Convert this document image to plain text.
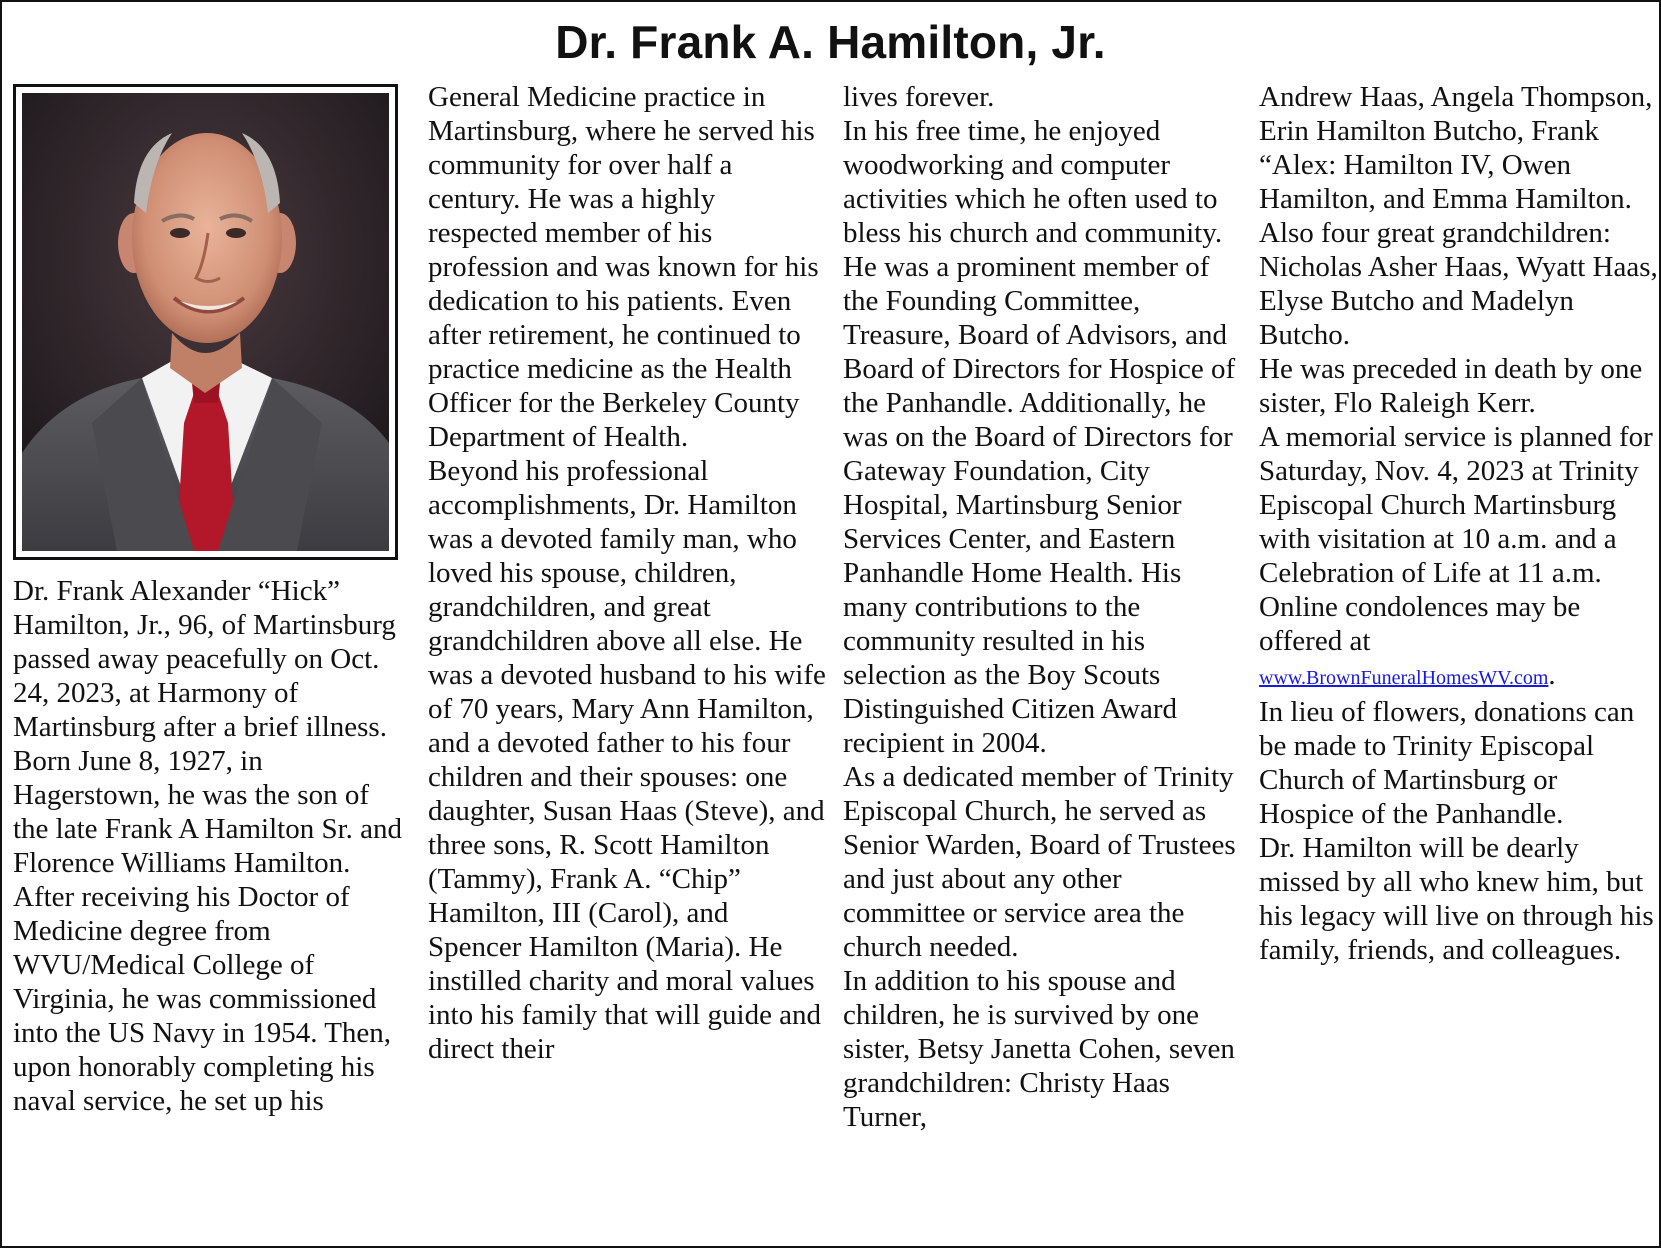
Dr. Frank A. Hamilton, Jr.

Dr. Frank Alexander “Hick” Hamilton, Jr., 96, of Martinsburg passed away peacefully on Oct. 24, 2023, at Harmony of Martinsburg after a brief illness.

Born June 8, 1927, in Hagerstown, he was the son of the late Frank A Hamilton Sr. and Florence Williams Hamilton.

After receiving his Doctor of Medicine degree from WVU/Medical College of Virginia, he was commissioned into the US Navy in 1954. Then, upon honorably completing his naval service, he set up his

General Medicine practice in Martinsburg, where he served his community for over half a century. He was a highly respected member of his profession and was known for his dedication to his patients. Even after retirement, he continued to practice medicine as the Health Officer for the Berkeley County Department of Health.

Beyond his professional accomplishments, Dr. Hamilton was a devoted family man, who loved his spouse, children, grandchildren, and great grandchildren above all else. He was a devoted husband to his wife of 70 years, Mary Ann Hamilton, and a devoted father to his four children and their spouses: one daughter, Susan Haas (Steve), and three sons, R. Scott Hamilton (Tammy), Frank A. “Chip” Hamilton, III (Carol), and Spencer Hamilton (Maria). He instilled charity and moral values into his family that will guide and direct their

lives forever.

In his free time, he enjoyed woodworking and computer activities which he often used to bless his church and community. He was a prominent member of the Founding Committee, Treasure, Board of Advisors, and Board of Directors for Hospice of the Panhandle. Additionally, he was on the Board of Directors for Gateway Foundation, City Hospital, Martinsburg Senior Services Center, and Eastern Panhandle Home Health. His many contributions to the community resulted in his selection as the Boy Scouts Distinguished Citizen Award recipient in 2004.

As a dedicated member of Trinity Episcopal Church, he served as Senior Warden, Board of Trustees and just about any other committee or service area the church needed.

In addition to his spouse and children, he is survived by one sister, Betsy Janetta Cohen, seven grandchildren: Christy Haas Turner,

Andrew Haas, Angela Thompson, Erin Hamilton Butcho, Frank “Alex: Hamilton IV, Owen Hamilton, and Emma Hamilton. Also four great grandchildren: Nicholas Asher Haas, Wyatt Haas, Elyse Butcho and Madelyn Butcho.

He was preceded in death by one sister, Flo Raleigh Kerr.

A memorial service is planned for Saturday, Nov. 4, 2023 at Trinity Episcopal Church Martinsburg with visitation at 10 a.m. and a Celebration of Life at 11 a.m.

Online condolences may be offered at
www.BrownFuneralHomesWV.com.

In lieu of flowers, donations can be made to Trinity Episcopal Church of Martinsburg or Hospice of the Panhandle.

Dr. Hamilton will be dearly missed by all who knew him, but his legacy will live on through his family, friends, and colleagues.
